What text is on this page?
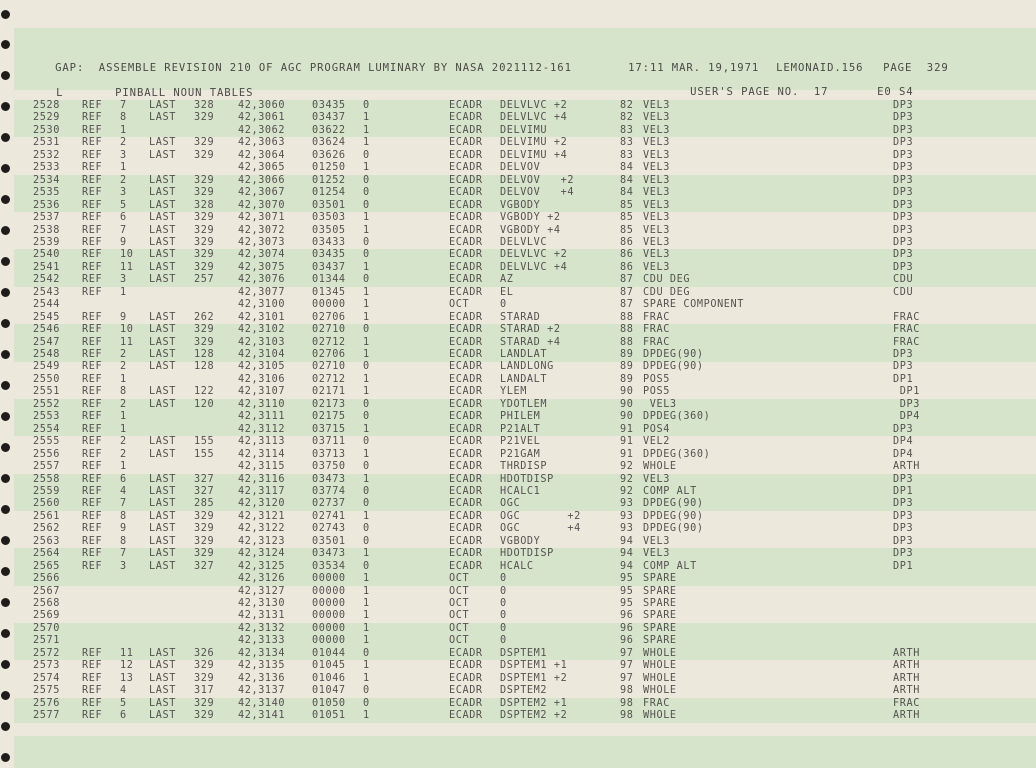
GAP:  ASSEMBLE REVISION 210 OF AGC PROGRAM LUMINARY BY NASA 2021112-161
	17:11 MAR. 19,1971
	LEMONAID.156
	PAGE  329

L
	PINBALL NOUN TABLES
	USER'S PAGE NO.  17
	E0 S4

2528 REF 7 LAST 328 42,3060	03435 0	ECADR DELVLVC +2	82 VEL3	DP3
2529 REF 8 LAST 329 42,3061	03437 1	ECADR DELVLVC +4	82 VEL3	DP3
2530 REF 1	42,3062	03622 1	ECADR DELVIMU	83 VEL3	DP3
2531 REF 2 LAST 329 42,3063	03624 1	ECADR DELVIMU +2	83 VEL3	DP3
2532 REF 3 LAST 329 42,3064	03626 0	ECADR DELVIMU +4	83 VEL3	DP3
2533 REF 1	42,3065	01250 1	ECADR DELVOV	84 VEL3	DP3
2534 REF 2 LAST 329 42,3066	01252 0	ECADR DELVOV   +2	84 VEL3	DP3
2535 REF 3 LAST 329 42,3067	01254 0	ECADR DELVOV   +4	84 VEL3	DP3
2536 REF 5 LAST 328 42,3070	03501 0	ECADR VGBODY	85 VEL3	DP3
2537 REF 6 LAST 329 42,3071	03503 1	ECADR VGBODY +2	85 VEL3	DP3
2538 REF 7 LAST 329 42,3072	03505 1	ECADR VGBODY +4	85 VEL3	DP3
2539 REF 9 LAST 329 42,3073	03433 0	ECADR DELVLVC	86 VEL3	DP3
2540 REF 10 LAST 329 42,3074	03435 0	ECADR DELVLVC +2	86 VEL3	DP3
2541 REF 11 LAST 329 42,3075	03437 1	ECADR DELVLVC +4	86 VEL3	DP3
2542 REF 3 LAST 257 42,3076	01344 0	ECADR AZ	87 CDU DEG	CDU
2543 REF 1	42,3077	01345 1	ECADR EL	87 CDU DEG	CDU
2544	42,3100	00000 1	OCT	0	87 SPARE COMPONENT
2545 REF 9 LAST 262 42,3101	02706 1	ECADR STARAD	88 FRAC	FRAC
2546 REF 10 LAST 329 42,3102	02710 0	ECADR STARAD +2	88 FRAC	FRAC
2547 REF 11 LAST 329 42,3103	02712 1	ECADR STARAD +4	88 FRAC	FRAC
2548 REF 2 LAST 128 42,3104	02706 1	ECADR LANDLAT	89 DPDEG(90)	DP3
2549 REF 2 LAST 128 42,3105	02710 0	ECADR LANDLONG	89 DPDEG(90)	DP3
2550 REF 1	42,3106	02712 1	ECADR LANDALT	89 POS5	DP1
2551 REF 8 LAST 122 42,3107	02171 1	ECADR YLEM	90 POS5	DP1
2552 REF 2 LAST 120 42,3110	02173 0	ECADR YDOTLEM	90 VEL3	DP3
2553 REF 1	42,3111	02175 0	ECADR PHILEM	90 DPDEG(360)	DP4
2554 REF 1	42,3112	03715 1	ECADR P21ALT	91 POS4	DP3
2555 REF 2 LAST 155 42,3113	03711 0	ECADR P21VEL	91 VEL2	DP4
2556 REF 2 LAST 155 42,3114	03713 1	ECADR P21GAM	91 DPDEG(360)	DP4
2557 REF 1	42,3115	03750 0	ECADR THRDISP	92 WHOLE	ARTH
2558 REF 6 LAST 327 42,3116	03473 1	ECADR HDOTDISP	92 VEL3	DP3
2559 REF 4 LAST 327 42,3117	03774 0	ECADR HCALC1	92 COMP ALT	DP1
2560 REF 7 LAST 285 42,3120	02737 0	ECADR OGC	93 DPDEG(90)	DP3
2561 REF 8 LAST 329 42,3121	02741 1	ECADR OGC       +2	93 DPDEG(90)	DP3
2562 REF 9 LAST 329 42,3122	02743 0	ECADR OGC       +4	93 DPDEG(90)	DP3
2563 REF 8 LAST 329 42,3123	03501 0	ECADR VGBODY	94 VEL3	DP3
2564 REF 7 LAST 329 42,3124	03473 1	ECADR HDOTDISP	94 VEL3	DP3
2565 REF 3 LAST 327 42,3125	03534 0	ECADR HCALC	94 COMP ALT	DP1
2566	42,3126	00000 1	OCT	0	95 SPARE
2567	42,3127	00000 1	OCT	0	95 SPARE
2568	42,3130	00000 1	OCT	0	95 SPARE
2569	42,3131	00000 1	OCT	0	96 SPARE
2570	42,3132	00000 1	OCT	0	96 SPARE
2571	42,3133	00000 1	OCT	0	96 SPARE
2572 REF 11 LAST 326 42,3134	01044 0	ECADR DSPTEM1	97 WHOLE	ARTH
2573 REF 12 LAST 329 42,3135	01045 1	ECADR DSPTEM1 +1	97 WHOLE	ARTH
2574 REF 13 LAST 329 42,3136	01046 1	ECADR DSPTEM1 +2	97 WHOLE	ARTH
2575 REF 4 LAST 317 42,3137	01047 0	ECADR DSPTEM2	98 WHOLE	ARTH
2576 REF 5 LAST 329 42,3140	01050 0	ECADR DSPTEM2 +1	98 FRAC	FRAC
2577 REF 6 LAST 329 42,3141	01051 1	ECADR DSPTEM2 +2	98 WHOLE	ARTH
